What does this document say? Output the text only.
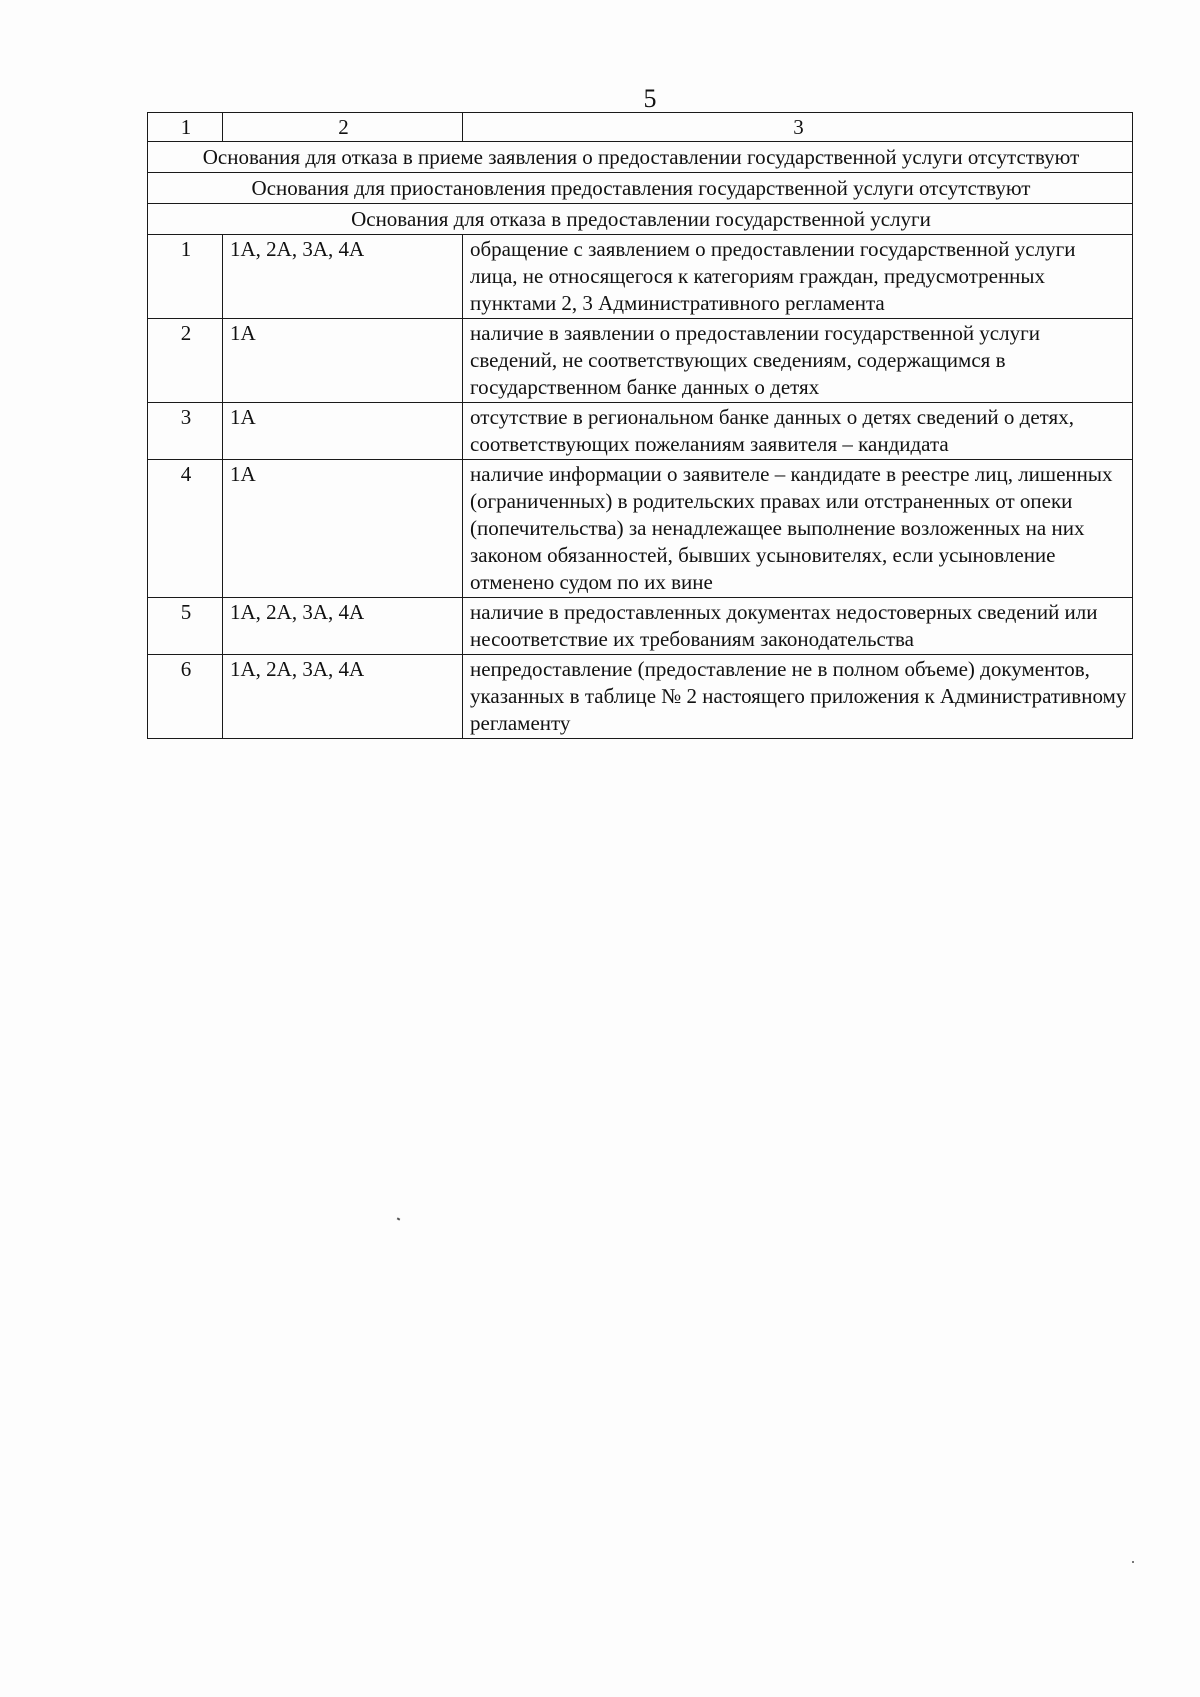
5
1	2	3
Основания для отказа в приеме заявления о предоставлении государственной услуги отсутствуют		
Основания для приостановления предоставления государственной услуги отсутствуют		
Основания для отказа в предоставлении государственной услуги		
1	1А, 2А, 3А, 4А	обращение с заявлением о предоставлении государственной услуги лица, не относящегося к категориям граждан, предусмотренных пунктами 2, 3 Административного регламента
2	1А	наличие в заявлении о предоставлении государственной услуги сведений, не соответствующих сведениям, содержащимся в государственном банке данных о детях
3	1А	отсутствие в региональном банке данных о детях сведений о детях, соответствующих пожеланиям заявителя – кандидата
4	1А	наличие информации о заявителе – кандидате в реестре лиц, лишенных (ограниченных) в родительских правах или отстраненных от опеки (попечительства) за ненадлежащее выполнение возложенных на них законом обязанностей, бывших усыновителях, если усыновление отменено судом по их вине
5	1А, 2А, 3А, 4А	наличие в предоставленных документах недостоверных сведений или несоответствие их требованиям законодательства
6	1А, 2А, 3А, 4А	непредоставление (предоставление не в полном объеме) документов, указанных в таблице № 2 настоящего приложения к Административному регламенту
